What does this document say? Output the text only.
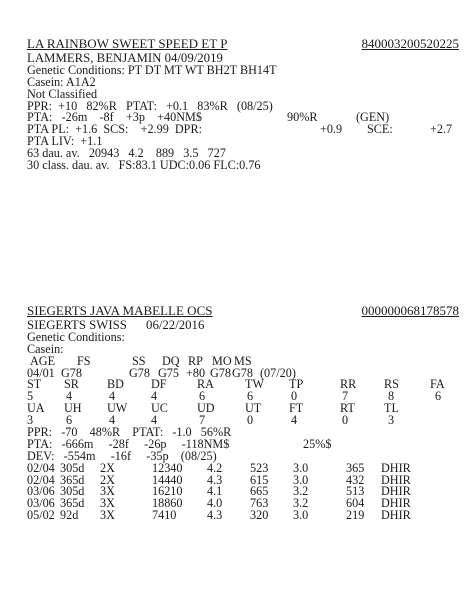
LA RAINBOW SWEET SPEED ET P	840003200520225
LAMMERS, BENJAMIN 04/09/2019
Genetic Conditions: PT DT MT WT BH2T BH14T
Casein: A1A2
Not Classified
PPR:  +10   82%R   PTAT:   +0.1   83%R   (08/25)
PTA:   -26m    -8f    +3p    +40NM$	90%R	(GEN)
PTA PL:  +1.6  SCS:    +2.99  DPR:	+0.9 SCE:	+2.7
PTA LIV:  +1.1
63 dau. av.   20943   4.2    889   3.5   727
30 class. dau. av.   FS:83.1 UDC:0.06 FLC:0.76
SIEGERTS JAVA MABELLE OCS	000000068178578
SIEGERTS SWISS      06/22/2016
Genetic Conditions:
Casein:
AGE FS	SS DQ RP MO MS
04/01 G78	G78 G75 +80 G78 G78 (07/20)
ST SR BD DF RA	TW TP	RR RS	FA
5	4	4	4	6	6	0	7	8	6
UA UH UW UC UD UT FT	RT TL
3	6	4	4	7	0	4	0	3
PPR:   -70    48%R    PTAT:   -1.0   56%R
PTA:   -666m     -28f     -26p     -118NM$	25%$
DEV:   -554m     -16f     -35p    (08/25)
02/04 305d 2X	12340 4.2 523 3.0	365 DHIR
02/04 365d 2X	14440 4.3 615 3.0	432 DHIR
03/06 305d 3X	16210 4.1 665 3.2	513 DHIR
03/06 365d 3X	18860 4.0 763 3.2	604 DHIR
05/02 92d 3X	7410	4.3 320 3.0	219 DHIR
